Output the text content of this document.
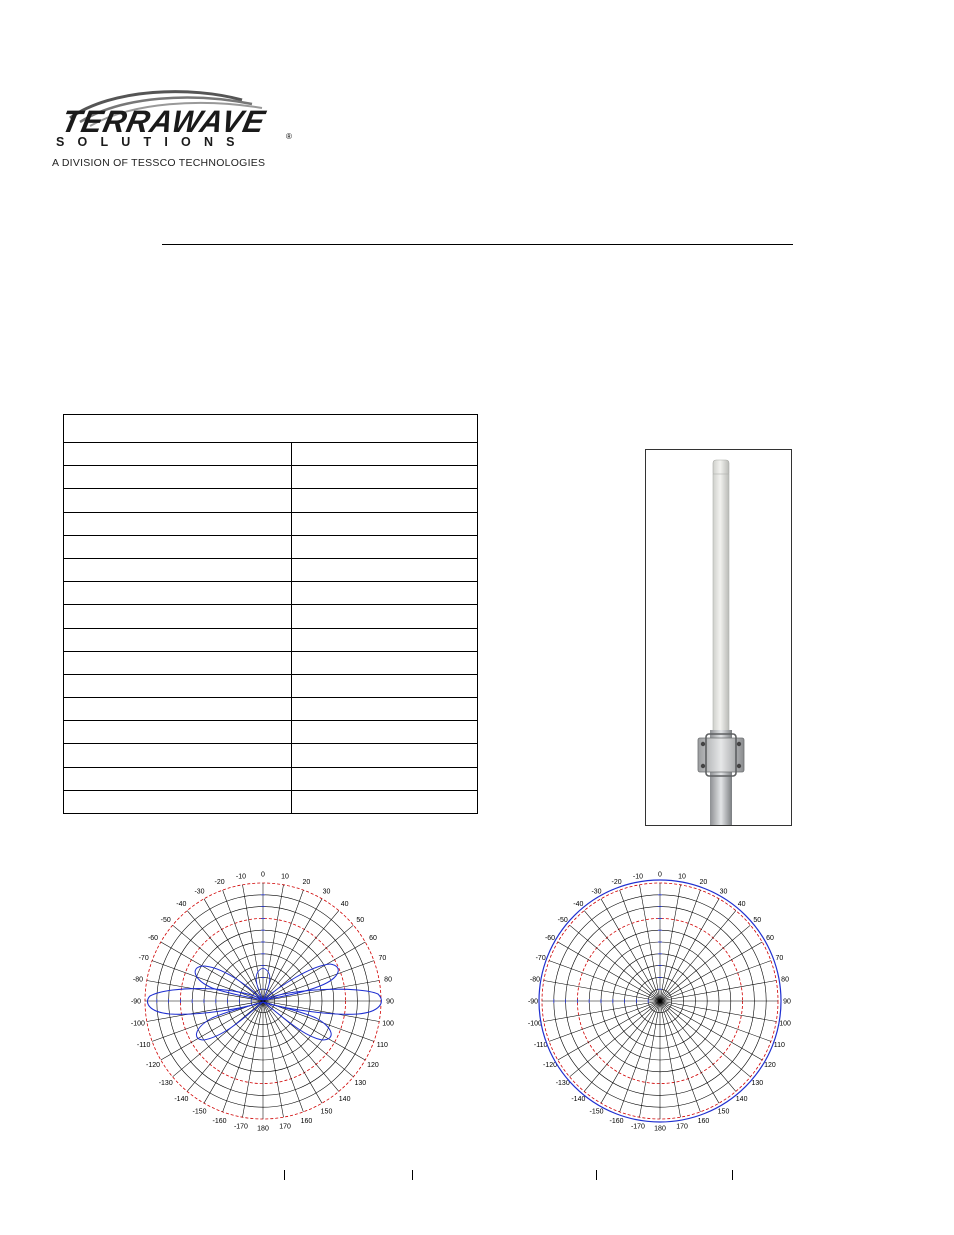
TERRAWAVE
SOLUTIONS	®
A DIVISION OF TESSCO TECHNOLOGIES

0 10
20
30
40
50
60
70
80
90
100
110
120
130
140
150
160
170
180
-170
-160
-150
-140
-130
-120
-110
-100
-90
-80
-70
-60
-50
-40
-30
-20
-10	0 10
20
30
40
50
60
70
80
90
100
110
120
130
140
150
160
170
180
-170
-160
-150
-140
-130
-120
-110
-100
-90
-80
-70
-60
-50
-40
-30
-20
-10
